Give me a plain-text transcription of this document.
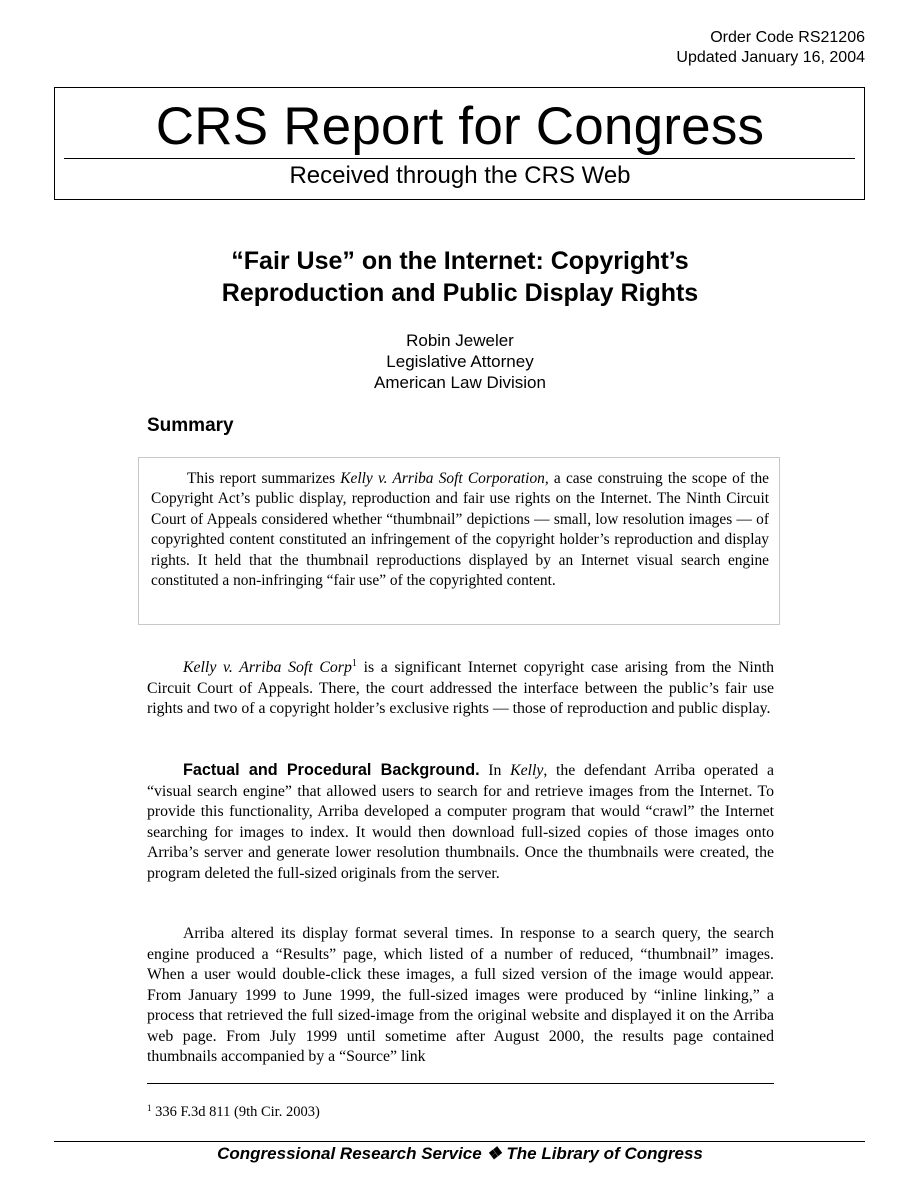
Order Code RS21206
Updated January 16, 2004
CRS Report for Congress
Received through the CRS Web
“Fair Use” on the Internet: Copyright’s
Reproduction and Public Display Rights
Robin Jeweler
Legislative Attorney
American Law Division
Summary

This report summarizes Kelly v. Arriba Soft Corporation, a case construing the scope of the Copyright Act’s public display, reproduction and fair use rights on the Internet. The Ninth Circuit Court of Appeals considered whether “thumbnail” depictions — small, low resolution images — of copyrighted content constituted an infringement of the copyright holder’s reproduction and display rights. It held that the thumbnail reproductions displayed by an Internet visual search engine constituted a non-infringing “fair use” of the copyrighted content.

Kelly v. Arriba Soft Corp$^1$ is a significant Internet copyright case arising from the Ninth Circuit Court of Appeals. There, the court addressed the interface between the public’s fair use rights and two of a copyright holder’s exclusive rights — those of reproduction and public display.

Factual and Procedural Background. In Kelly, the defendant Arriba operated a “visual search engine” that allowed users to search for and retrieve images from the Internet. To provide this functionality, Arriba developed a computer program that would “crawl” the Internet searching for images to index. It would then download full-sized copies of those images onto Arriba’s server and generate lower resolution thumbnails. Once the thumbnails were created, the program deleted the full-sized originals from the server.

Arriba altered its display format several times. In response to a search query, the search engine produced a “Results” page, which listed of a number of reduced, “thumbnail” images. When a user would double-click these images, a full sized version of the image would appear. From January 1999 to June 1999, the full-sized images were produced by “inline linking,” a process that retrieved the full sized-image from the original website and displayed it on the Arriba web page. From July 1999 until sometime after August 2000, the results page contained thumbnails accompanied by a “Source” link

$^1$ 336 F.3d 811 (9th Cir. 2003)
Congressional Research Service ❖ The Library of Congress
